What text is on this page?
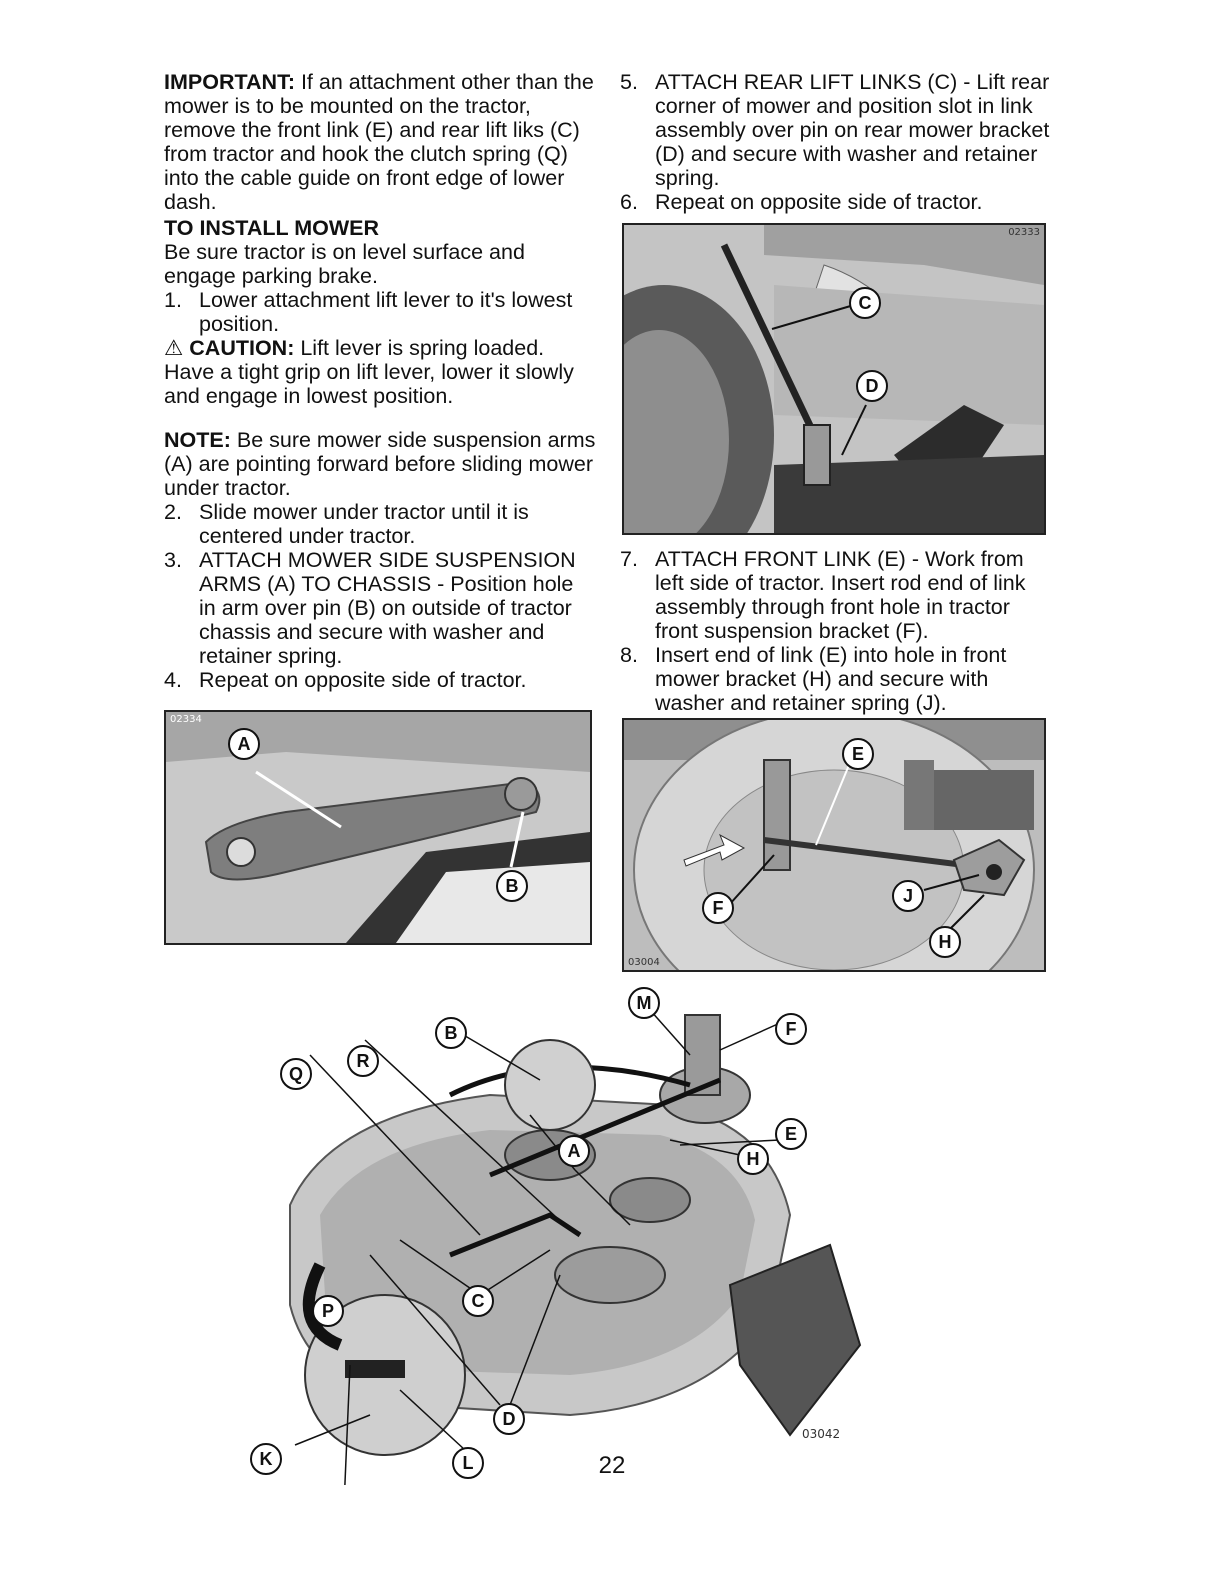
IMPORTANT: If an attachment other than the mower is to be mounted on the tractor, remove the front link (E) and rear lift liks (C) from tractor and hook the clutch spring (Q) into the cable guide on front edge of lower dash.

TO INSTALL MOWER

Be sure tractor is on level surface and engage parking brake.

1. Lower attachment lift lever to it's lowest position.

⚠ CAUTION: Lift lever is spring loaded. Have a tight grip on lift lever, lower it slowly and engage in lowest position.

NOTE: Be sure mower side suspension arms (A) are pointing forward before sliding mower under tractor.

2. Slide mower under tractor until it is centered under tractor.

3. ATTACH MOWER SIDE SUSPENSION ARMS (A) TO CHASSIS - Position hole in arm over pin (B) on outside of tractor chassis and secure with washer and retainer spring.

4. Repeat on opposite side of tractor.

5. ATTACH REAR LIFT LINKS (C) - Lift rear corner of mower and position slot in link assembly over pin on rear mower bracket (D) and secure with washer and retainer spring.

6. Repeat on opposite side of tractor.

7. ATTACH FRONT LINK (E) - Work from left side of tractor. Insert rod end of link assembly through front hole in tractor front suspension bracket (F).

8. Insert end of link (E) into hole in front mower bracket (H) and secure with washer and retainer spring (J).

02334
A
B
02333
C
D
03004
E
F
J
H
03042
Q
R
B
M
F
E
H
A
P	C
K
D
L	22
